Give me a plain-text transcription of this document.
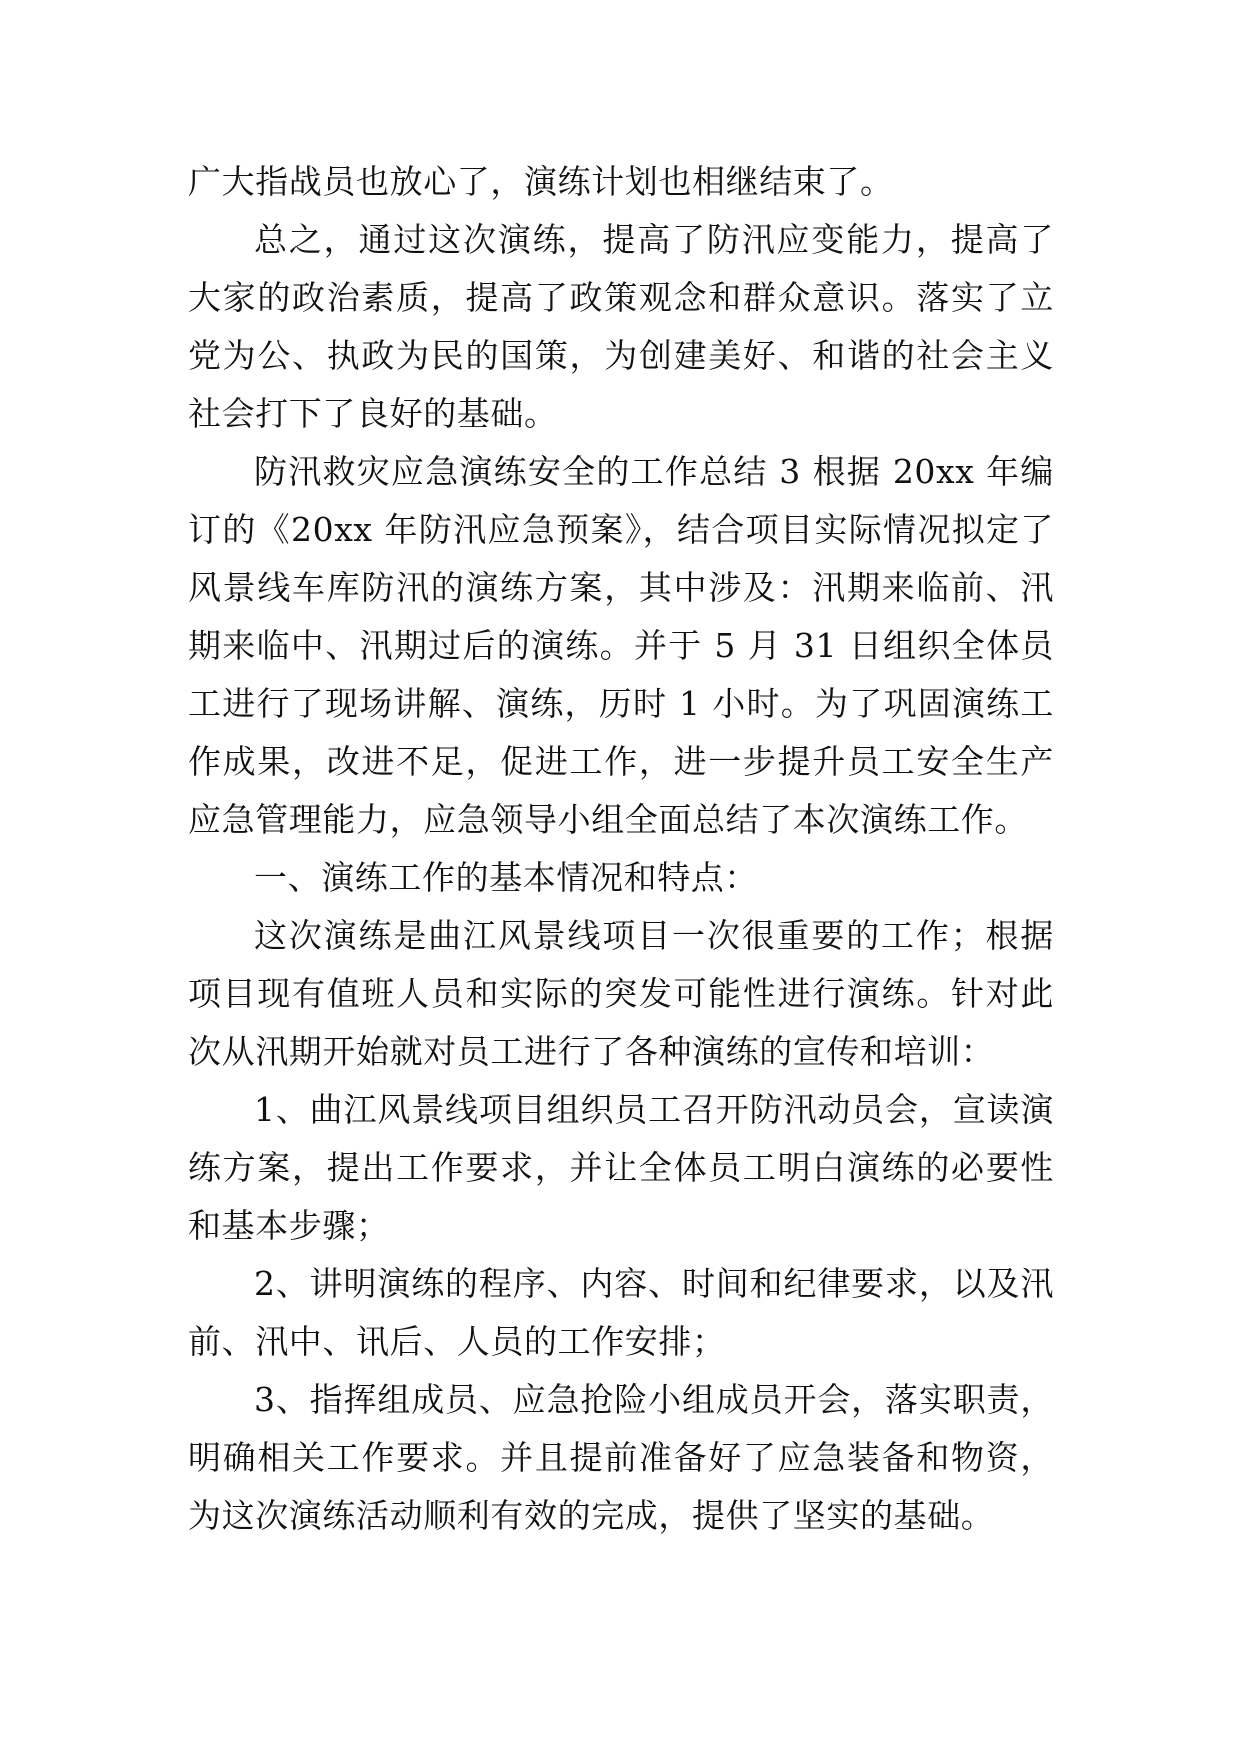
广大指战员也放心了，演练计划也相继结束了。

总之，通过这次演练，提高了防汛应变能力，提高了大家的政治素质，提高了政策观念和群众意识。落实了立党为公、执政为民的国策，为创建美好、和谐的社会主义社会打下了良好的基础。

防汛救灾应急演练安全的工作总结 3 根据 20xx 年编订的《20xx 年防汛应急预案》，结合项目实际情况拟定了风景线车库防汛的演练方案，其中涉及：汛期来临前、汛期来临中、汛期过后的演练。并于 5 月 31 日组织全体员工进行了现场讲解、演练，历时 1 小时。为了巩固演练工作成果，改进不足，促进工作，进一步提升员工安全生产应急管理能力，应急领导小组全面总结了本次演练工作。

一、演练工作的基本情况和特点：

这次演练是曲江风景线项目一次很重要的工作；根据项目现有值班人员和实际的突发可能性进行演练。针对此次从汛期开始就对员工进行了各种演练的宣传和培训：

1、曲江风景线项目组织员工召开防汛动员会，宣读演练方案，提出工作要求，并让全体员工明白演练的必要性和基本步骤；

2、讲明演练的程序、内容、时间和纪律要求，以及汛前、汛中、讯后、人员的工作安排；

3、指挥组成员、应急抢险小组成员开会，落实职责，明确相关工作要求。并且提前准备好了应急装备和物资，为这次演练活动顺利有效的完成，提供了坚实的基础。
